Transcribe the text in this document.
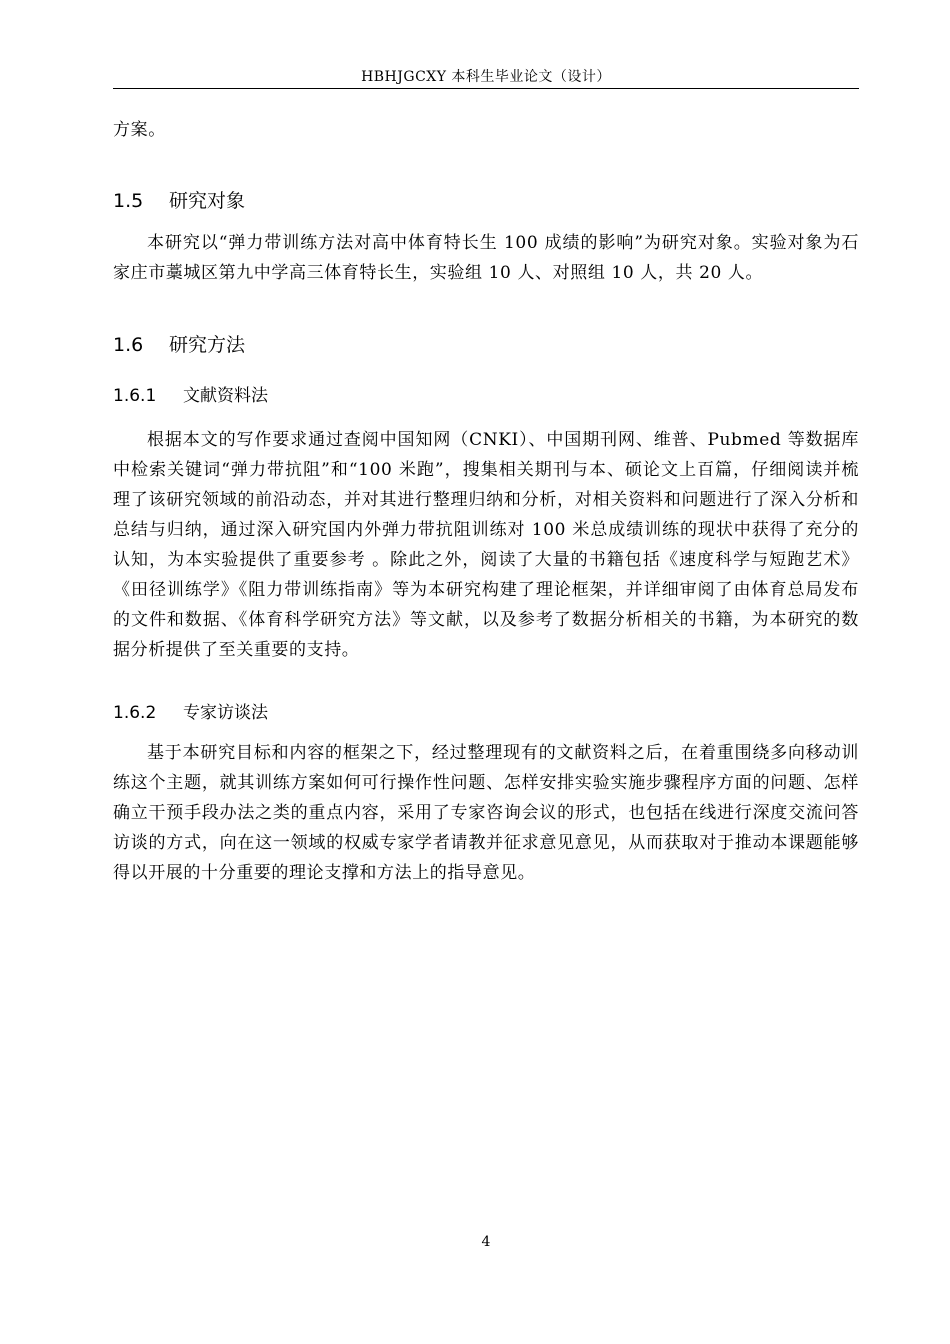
HBHJGCXY 本科生毕业论文（设计）

方案。

1.5 研究对象

本研究以“弹力带训练方法对高中体育特长生 100 成绩的影响”为研究对象。实验对象为石家庄市藁城区第九中学高三体育特长生，实验组 10 人、对照组 10 人，共 20 人。

1.6 研究方法
1.6.1 文献资料法

根据本文的写作要求通过查阅中国知网（CNKI）、中国期刊网、维普、Pubmed 等数据库中检索关键词“弹力带抗阻”和“100 米跑”，搜集相关期刊与本、硕论文上百篇，仔细阅读并梳理了该研究领域的前沿动态，并对其进行整理归纳和分析，对相关资料和问题进行了深入分析和总结与归纳，通过深入研究国内外弹力带抗阻训练对 100 米总成绩训练的现状中获得了充分的认知，为本实验提供了重要参考 。除此之外，阅读了大量的书籍包括《速度科学与短跑艺术》《田径训练学》《阻力带训练指南》等为本研究构建了理论框架，并详细审阅了由体育总局发布的文件和数据、《体育科学研究方法》等文献，以及参考了数据分析相关的书籍，为本研究的数据分析提供了至关重要的支持。

1.6.2 专家访谈法

基于本研究目标和内容的框架之下，经过整理现有的文献资料之后，在着重围绕多向移动训练这个主题，就其训练方案如何可行操作性问题、怎样安排实验实施步骤程序方面的问题、怎样确立干预手段办法之类的重点内容，采用了专家咨询会议的形式，也包括在线进行深度交流问答访谈的方式，向在这一领域的权威专家学者请教并征求意见意见，从而获取对于推动本课题能够得以开展的十分重要的理论支撑和方法上的指导意见。

4
